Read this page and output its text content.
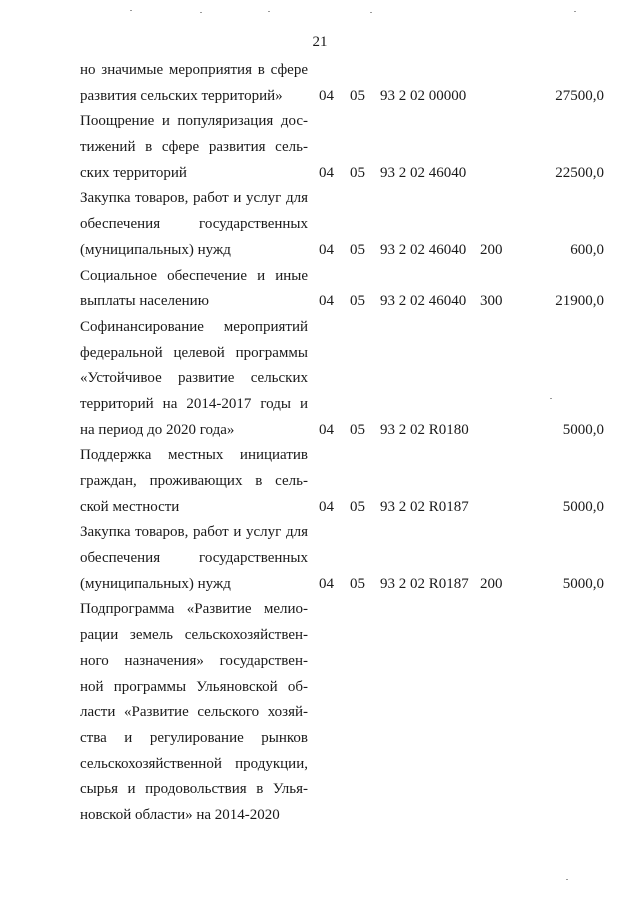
21
но значимые мероприятия в сфере
развития сельских территорий»	04 05 93 2 02 00000	27500,0
Поощрение и популяризация дос-
тижений в сфере развития сель-
ских территорий	04 05 93 2 02 46040	22500,0
Закупка товаров, работ и услуг для
обеспечения государственных
(муниципальных) нужд	04 05 93 2 02 46040 200	600,0
Социальное обеспечение и иные
выплаты населению	04 05 93 2 02 46040 300	21900,0
Софинансирование мероприятий
федеральной целевой программы
«Устойчивое развитие сельских
территорий на 2014-2017 годы и
на период до 2020 года»	04 05 93 2 02 R0180	5000,0
Поддержка местных инициатив
граждан, проживающих в сель-
ской местности	04 05 93 2 02 R0187	5000,0
Закупка товаров, работ и услуг для
обеспечения государственных
(муниципальных) нужд	04 05 93 2 02 R0187 200	5000,0
Подпрограмма «Развитие мелио-
рации земель сельскохозяйствен-
ного назначения» государствен-
ной программы Ульяновской об-
ласти «Развитие сельского хозяй-
ства и регулирование рынков
сельскохозяйственной продукции,
сырья и продовольствия в Улья-
новской области» на 2014-2020
